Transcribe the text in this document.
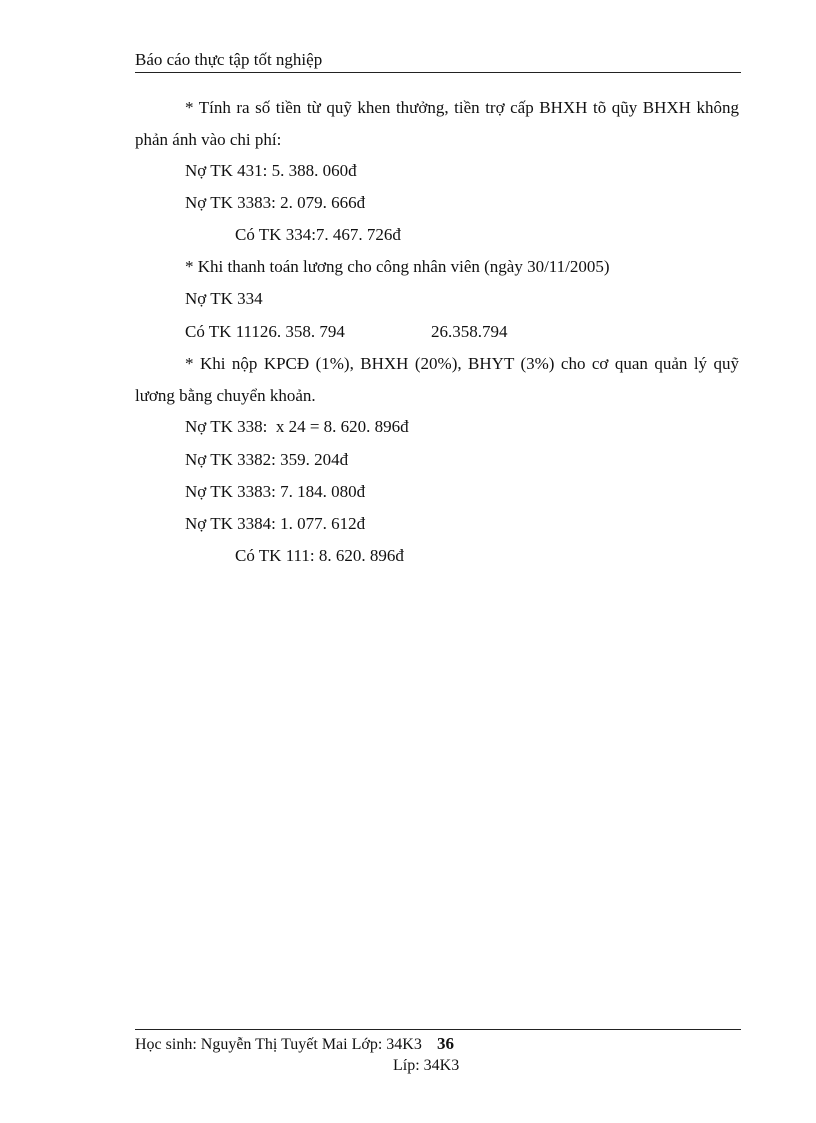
Báo cáo thực tập tốt nghiệp

* Tính ra số tiền từ quỹ khen thưởng, tiền trợ cấp BHXH tõ qũy BHXH không phản ánh vào chi phí:

Nợ TK 431: 5. 388. 060đ

Nợ TK 3383: 2. 079. 666đ

Có TK 334:7. 467. 726đ

* Khi thanh toán lương cho công nhân viên (ngày 30/11/2005)

Nợ TK 334

Có TK 11126. 358. 794	26.358.794

* Khi nộp KPCĐ (1%), BHXH (20%), BHYT (3%) cho cơ quan quản lý quỹ lương bằng chuyển khoản.

Nợ TK 338:  x 24 = 8. 620. 896đ

Nợ TK 3382: 359. 204đ

Nợ TK 3383: 7. 184. 080đ

Nợ TK 3384: 1. 077. 612đ

Có TK 111: 8. 620. 896đ

Học sinh: Nguyễn Thị Tuyết Mai Lớp: 34K3 36

Líp: 34K3
